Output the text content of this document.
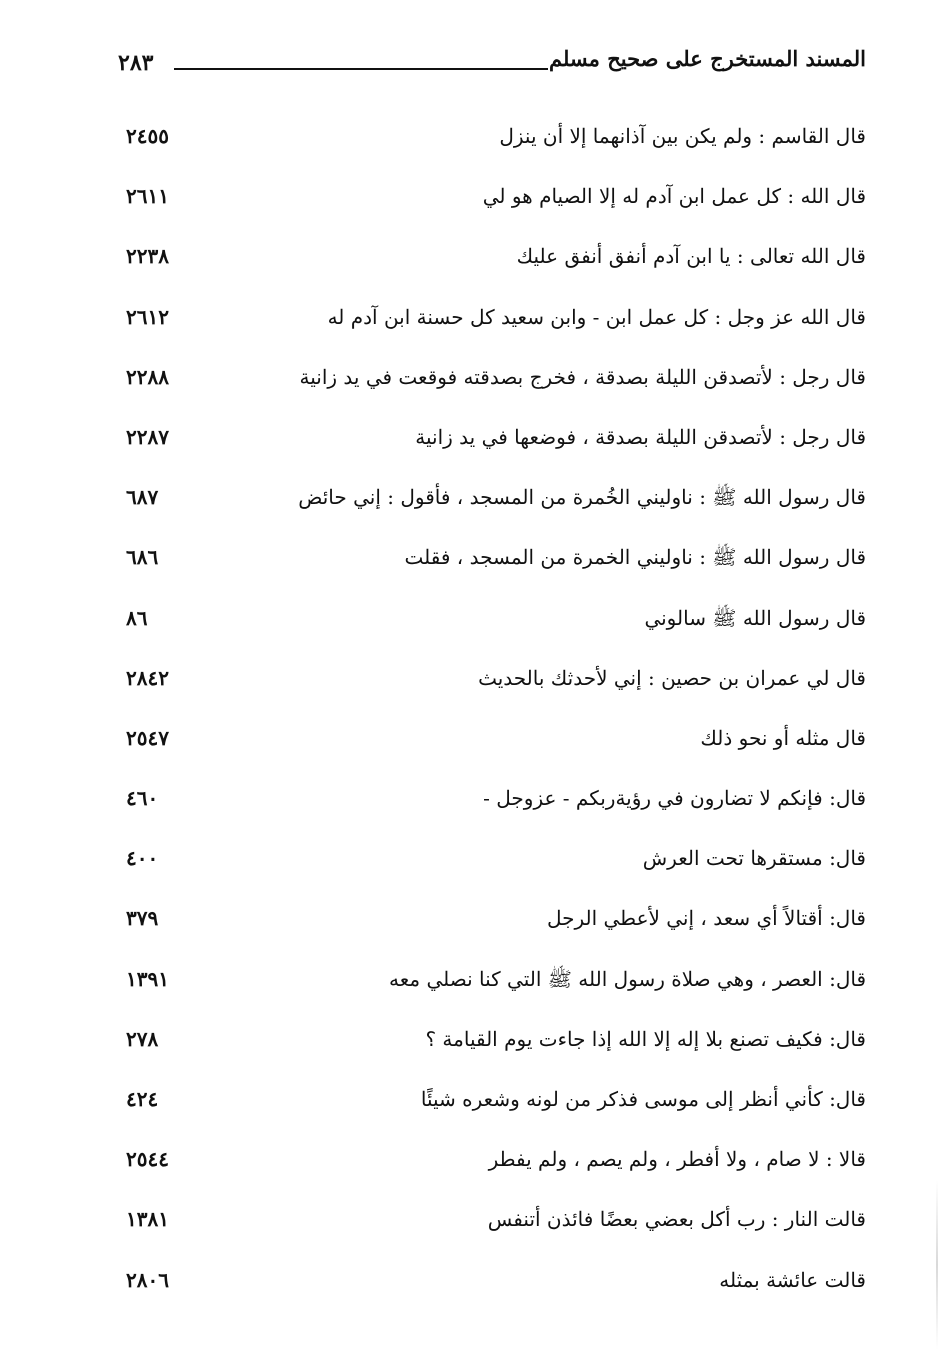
المسند المستخرج على صحيح مسلم
٢٨٣
قال القاسم : ولم يكن بين آذانهما إلا أن ينزل
٢٤٥٥
قال الله : كل عمل ابن آدم له إلا الصيام هو لي
٢٦١١
قال الله تعالى : يا ابن آدم أنفق أنفق عليك
٢٢٣٨
قال الله عز وجل : كل عمل ابن - وابن سعيد كل حسنة ابن آدم له
٢٦١٢
قال رجل : لأتصدقن الليلة بصدقة ، فخرج بصدقته فوقعت في يد زانية
٢٢٨٨
قال رجل : لأتصدقن الليلة بصدقة ، فوضعها في يد زانية
٢٢٨٧
قال رسول الله ﷺ : ناوليني الخُمرة من المسجد ، فأقول : إني حائض
٦٨٧
قال رسول الله ﷺ : ناوليني الخمرة من المسجد ، فقلت
٦٨٦
قال رسول الله ﷺ سالوني
٨٦
قال لي عمران بن حصين : إني لأحدثك بالحديث
٢٨٤٢
قال مثله أو نحو ذلك
٢٥٤٧
قال: فإنكم لا تضارون في رؤيةربكم - عزوجل -
٤٦٠
قال: مستقرها تحت العرش
٤٠٠
قال: أقتالاً أي سعد ، إني لأعطي الرجل
٣٧٩
قال: العصر ، وهي صلاة رسول الله ﷺ التي كنا نصلي معه
١٣٩١
قال: فكيف تصنع بلا إله إلا الله إذا جاءت يوم القيامة ؟
٢٧٨
قال: كأني أنظر إلى موسى فذكر من لونه وشعره شيئًا
٤٢٤
قالا : لا صام ، ولا أفطر ، ولم يصم ، ولم يفطر
٢٥٤٤
قالت النار : رب أكل بعضي بعضًا فائذن أتنفس
١٣٨١
قالت عائشة بمثله
٢٨٠٦
